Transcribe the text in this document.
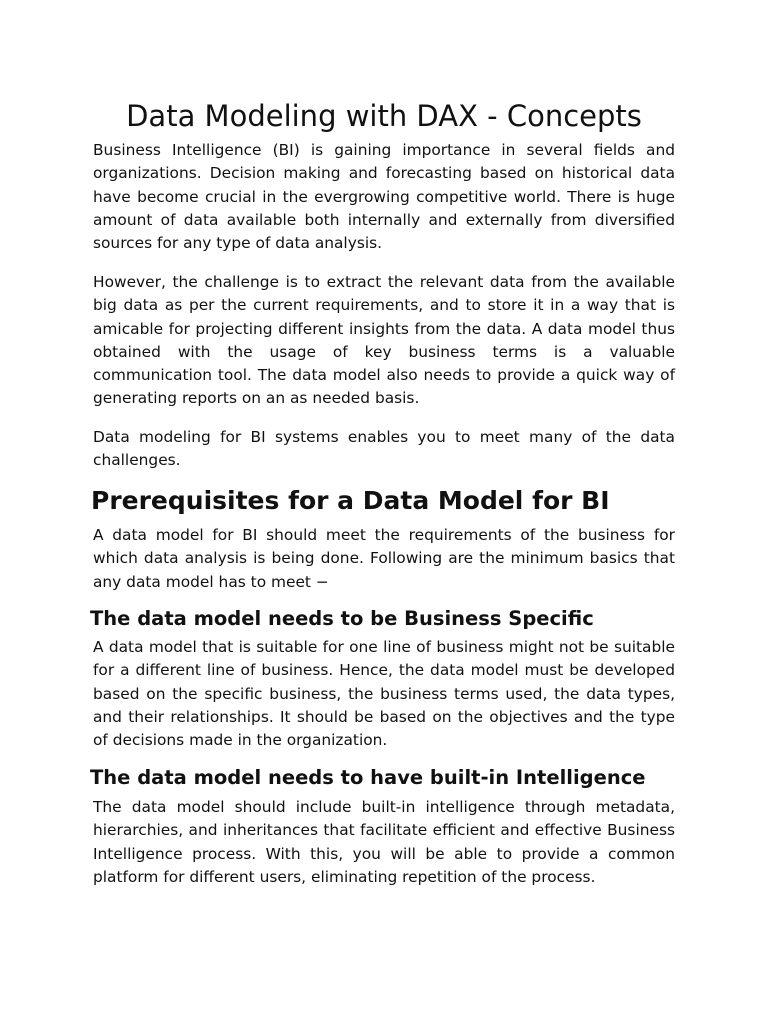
Data Modeling with DAX - Concepts

Business Intelligence (BI) is gaining importance in several fields and organizations. Decision making and forecasting based on historical data have become crucial in the evergrowing competitive world. There is huge amount of data available both internally and externally from diversified sources for any type of data analysis.

However, the challenge is to extract the relevant data from the available big data as per the current requirements, and to store it in a way that is amicable for projecting different insights from the data. A data model thus obtained with the usage of key business terms is a valuable communication tool. The data model also needs to provide a quick way of generating reports on an as needed basis.

Data modeling for BI systems enables you to meet many of the data challenges.

Prerequisites for a Data Model for BI

A data model for BI should meet the requirements of the business for which data analysis is being done. Following are the minimum basics that any data model has to meet −

The data model needs to be Business Specific

A data model that is suitable for one line of business might not be suitable for a different line of business. Hence, the data model must be developed based on the specific business, the business terms used, the data types, and their relationships. It should be based on the objectives and the type of decisions made in the organization.

The data model needs to have built-in Intelligence

The data model should include built-in intelligence through metadata, hierarchies, and inheritances that facilitate efficient and effective Business Intelligence process. With this, you will be able to provide a common platform for different users, eliminating repetition of the process.
